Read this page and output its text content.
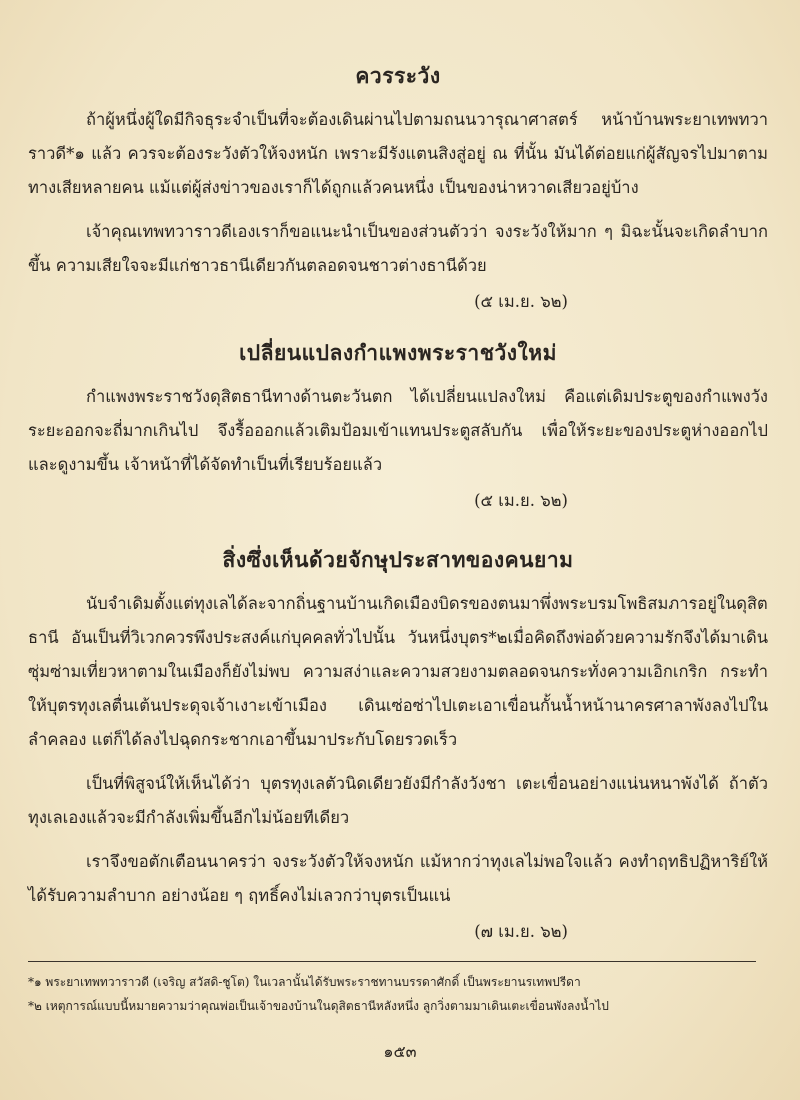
ควรระวัง

ถ้าผู้หนึ่งผู้ใดมีกิจธุระจำเป็นที่จะต้องเดินผ่านไปตามถนนวารุณาศาสตร์ หน้าบ้านพระยาเทพทวาราวดี*๑ แล้ว ควรจะต้องระวังตัวให้จงหนัก เพราะมีรังแตนสิงสู่อยู่ ณ ที่นั้น มันได้ต่อยแก่ผู้สัญจรไปมาตามทางเสียหลายคน แม้แต่ผู้ส่งข่าวของเราก็ได้ถูกแล้วคนหนึ่ง เป็นของน่าหวาดเสียวอยู่บ้าง

เจ้าคุณเทพทวาราวดีเองเราก็ขอแนะนำเป็นของส่วนตัวว่า จงระวังให้มาก ๆ มิฉะนั้นจะเกิดลำบากขึ้น ความเสียใจจะมีแก่ชาวธานีเดียวกันตลอดจนชาวต่างธานีด้วย

(๕ เม.ย. ๖๒)
เปลี่ยนแปลงกำแพงพระราชวังใหม่

กำแพงพระราชวังดุสิตธานีทางด้านตะวันตก ได้เปลี่ยนแปลงใหม่ คือแต่เดิมประตูของกำแพงวังระยะออกจะถี่มากเกินไป จึงรื้อออกแล้วเติมป้อมเข้าแทนประตูสลับกัน เพื่อให้ระยะของประตูห่างออกไปและดูงามขึ้น เจ้าหน้าที่ได้จัดทำเป็นที่เรียบร้อยแล้ว

(๕ เม.ย. ๖๒)
สิ่งซึ่งเห็นด้วยจักษุประสาทของคนยาม

นับจำเดิมตั้งแต่ทุงเลได้ละจากถิ่นฐานบ้านเกิดเมืองบิดรของตนมาพึ่งพระบรมโพธิสมภารอยู่ในดุสิตธานี อันเป็นที่วิเวกควรพึงประสงค์แก่บุคคลทั่วไปนั้น วันหนึ่งบุตร*๒เมื่อคิดถึงพ่อด้วยความรักจึงได้มาเดินซุ่มซ่ามเที่ยวหาตามในเมืองก็ยังไม่พบ ความสง่าและความสวยงามตลอดจนกระทั่งความเอิกเกริก กระทำให้บุตรทุงเลตื่นเต้นประดุจเจ้าเงาะเข้าเมือง เดินเซ่อซ่าไปเตะเอาเขื่อนกั้นน้ำหน้านาครศาลาพังลงไปในลำคลอง แต่ก็ได้ลงไปฉุดกระชากเอาขึ้นมาประกับโดยรวดเร็ว

เป็นที่พิสูจน์ให้เห็นได้ว่า บุตรทุงเลตัวนิดเดียวยังมีกำลังวังชา เตะเขื่อนอย่างแน่นหนาพังได้ ถ้าตัวทุงเลเองแล้วจะมีกำลังเพิ่มขึ้นอีกไม่น้อยทีเดียว

เราจึงขอตักเตือนนาครว่า จงระวังตัวให้จงหนัก แม้หากว่าทุงเลไม่พอใจแล้ว คงทำฤทธิปฏิหาริย์ให้ได้รับความลำบาก อย่างน้อย ๆ ฤทธิ์คงไม่เลวกว่าบุตรเป็นแน่

(๗ เม.ย. ๖๒)

*๑ พระยาเทพทวาราวดี (เจริญ สวัสดิ-ชูโต) ในเวลานั้นได้รับพระราชทานบรรดาศักดิ์ เป็นพระยานรเทพปรีดา

*๒ เหตุการณ์แบบนี้หมายความว่าคุณพ่อเป็นเจ้าของบ้านในดุสิตธานีหลังหนึ่ง ลูกวิ่งตามมาเดินเตะเขื่อนพังลงน้ำไป

๑๕๓
